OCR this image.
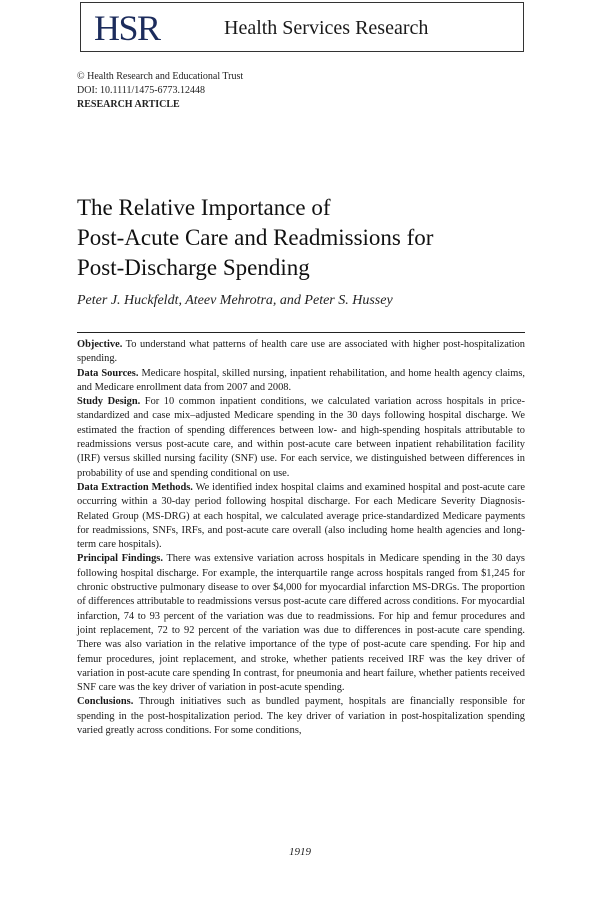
HSR	Health Services Research
© Health Research and Educational Trust
DOI: 10.1111/1475-6773.12448
RESEARCH ARTICLE
The Relative Importance of
Post-Acute Care and Readmissions for
Post-Discharge Spending
Peter J. Huckfeldt, Ateev Mehrotra, and Peter S. Hussey

Objective. To understand what patterns of health care use are associated with higher post-hospitalization spending.

Data Sources. Medicare hospital, skilled nursing, inpatient rehabilitation, and home health agency claims, and Medicare enrollment data from 2007 and 2008.

Study Design. For 10 common inpatient conditions, we calculated variation across hospitals in price-standardized and case mix–adjusted Medicare spending in the 30 days following hospital discharge. We estimated the fraction of spending differences between low- and high-spending hospitals attributable to readmissions versus post-acute care, and within post-acute care between inpatient rehabilitation facility (IRF) versus skilled nursing facility (SNF) use. For each service, we distinguished between differences in probability of use and spending conditional on use.

Data Extraction Methods. We identified index hospital claims and examined hospital and post-acute care occurring within a 30-day period following hospital discharge. For each Medicare Severity Diagnosis-Related Group (MS-DRG) at each hospital, we calculated average price-standardized Medicare payments for readmissions, SNFs, IRFs, and post-acute care overall (also including home health agencies and long-term care hospitals).

Principal Findings. There was extensive variation across hospitals in Medicare spending in the 30 days following hospital discharge. For example, the interquartile range across hospitals ranged from $1,245 for chronic obstructive pulmonary disease to over $4,000 for myocardial infarction MS-DRGs. The proportion of differences attributable to readmissions versus post-acute care differed across conditions. For myocardial infarction, 74 to 93 percent of the variation was due to readmissions. For hip and femur procedures and joint replacement, 72 to 92 percent of the variation was due to differences in post-acute care spending. There was also variation in the relative importance of the type of post-acute care spending. For hip and femur procedures, joint replacement, and stroke, whether patients received IRF was the key driver of variation in post-acute care spending In contrast, for pneumonia and heart failure, whether patients received SNF care was the key driver of variation in post-acute spending.

Conclusions. Through initiatives such as bundled payment, hospitals are financially responsible for spending in the post-hospitalization period. The key driver of variation in post-hospitalization spending varied greatly across conditions. For some conditions,

1919
